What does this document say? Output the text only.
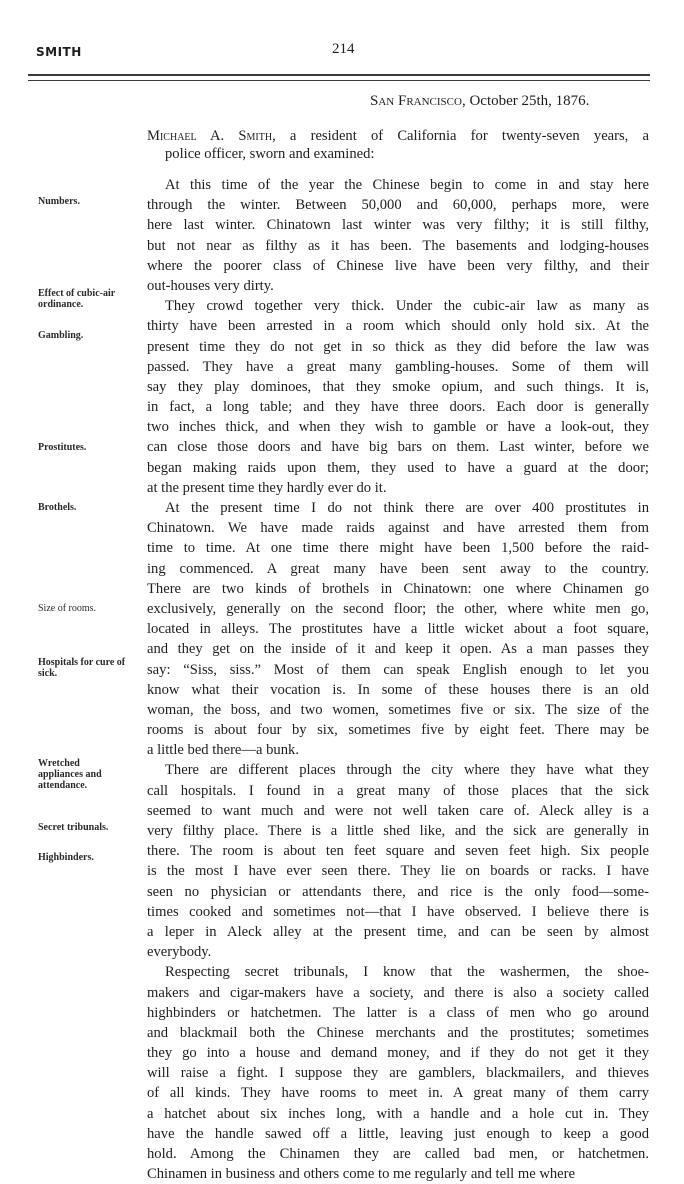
SMITH	214
San Francisco, October 25th, 1876.
Michael A. Smith, a resident of California for twenty-seven years, a
police officer, sworn and examined:
Numbers.
Effect of cubic-air ordinance.
Gambling.
Prostitutes.
Brothels.
Size of rooms.
Hospitals for cure of sick.
Wretched appliances and attendance.
Secret tribunals.
Highbinders.
At this time of the year the Chinese begin to come in and stay here
through the winter. Between 50,000 and 60,000, perhaps more, were
here last winter. Chinatown last winter was very filthy; it is still filthy,
but not near as filthy as it has been. The basements and lodging-houses
where the poorer class of Chinese live have been very filthy, and their
out-houses very dirty.
They crowd together very thick. Under the cubic-air law as many as
thirty have been arrested in a room which should only hold six. At the
present time they do not get in so thick as they did before the law was
passed. They have a great many gambling-houses. Some of them will
say they play dominoes, that they smoke opium, and such things. It is,
in fact, a long table; and they have three doors. Each door is generally
two inches thick, and when they wish to gamble or have a look-out, they
can close those doors and have big bars on them. Last winter, before we
began making raids upon them, they used to have a guard at the door;
at the present time they hardly ever do it.
At the present time I do not think there are over 400 prostitutes in
Chinatown. We have made raids against and have arrested them from
time to time. At one time there might have been 1,500 before the raid-
ing commenced. A great many have been sent away to the country.
There are two kinds of brothels in Chinatown: one where Chinamen go
exclusively, generally on the second floor; the other, where white men go,
located in alleys. The prostitutes have a little wicket about a foot square,
and they get on the inside of it and keep it open. As a man passes they
say: “Siss, siss.” Most of them can speak English enough to let you
know what their vocation is. In some of these houses there is an old
woman, the boss, and two women, sometimes five or six. The size of the
rooms is about four by six, sometimes five by eight feet. There may be
a little bed there—a bunk.
There are different places through the city where they have what they
call hospitals. I found in a great many of those places that the sick
seemed to want much and were not well taken care of. Aleck alley is a
very filthy place. There is a little shed like, and the sick are generally in
there. The room is about ten feet square and seven feet high. Six people
is the most I have ever seen there. They lie on boards or racks. I have
seen no physician or attendants there, and rice is the only food—some-
times cooked and sometimes not—that I have observed. I believe there is
a leper in Aleck alley at the present time, and can be seen by almost
everybody.
Respecting secret tribunals, I know that the washermen, the shoe-
makers and cigar-makers have a society, and there is also a society called
highbinders or hatchetmen. The latter is a class of men who go around
and blackmail both the Chinese merchants and the prostitutes; sometimes
they go into a house and demand money, and if they do not get it they
will raise a fight. I suppose they are gamblers, blackmailers, and thieves
of all kinds. They have rooms to meet in. A great many of them carry
a hatchet about six inches long, with a handle and a hole cut in. They
have the handle sawed off a little, leaving just enough to keep a good
hold. Among the Chinamen they are called bad men, or hatchetmen.
Chinamen in business and others come to me regularly and tell me where
